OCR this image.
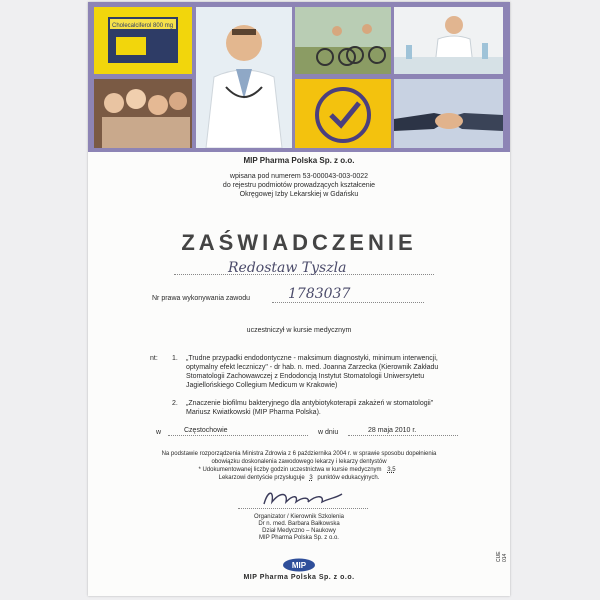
Cholecalciferol 800 mg
MIP Pharma Polska Sp. z o.o.
wpisana pod numerem 53-000043-003-0022
do rejestru podmiotów prowadzących kształcenie
Okręgowej Izby Lekarskiej w Gdańsku
ZAŚWIADCZENIE
Redostaw Tyszla
Nr prawa wykonywania zawodu	1783037
uczestniczył w kursie medycznym
nt: 1. „Trudne przypadki endodontyczne - maksimum diagnostyki, minimum interwencji,
optymalny efekt leczniczy" - dr hab. n. med. Joanna Zarzecka (Kierownik Zakładu
Stomatologii Zachowawczej z Endodoncją Instytut Stomatologii Uniwersytetu
Jagiellońskiego Collegium Medicum w Krakowie)
2. „Znaczenie biofilmu bakteryjnego dla antybiotykoterapii zakażeń w stomatologii"
Mariusz Kwiatkowski (MIP Pharma Polska).
w	Częstochowie	w dniu	28 maja 2010 r.
Na podstawie rozporządzenia Ministra Zdrowia z 6 października 2004 r. w sprawie sposobu dopełnienia
obowiązku doskonalenia zawodowego lekarzy i lekarzy dentystów
* Udokumentowanej liczby godzin uczestnictwa w kursie medycznym 3,5
Lekarzowi dentyście przysługuje 3 punktów edukacyjnych.
Organizator / Kierownik Szkolenia
Dr n. med. Barbara Bałkowska
Dział Medyczno – Naukowy
MIP Pharma Polska Sp. z o.o.
MIP
MIP Pharma Polska Sp. z o.o.
CUE 014
